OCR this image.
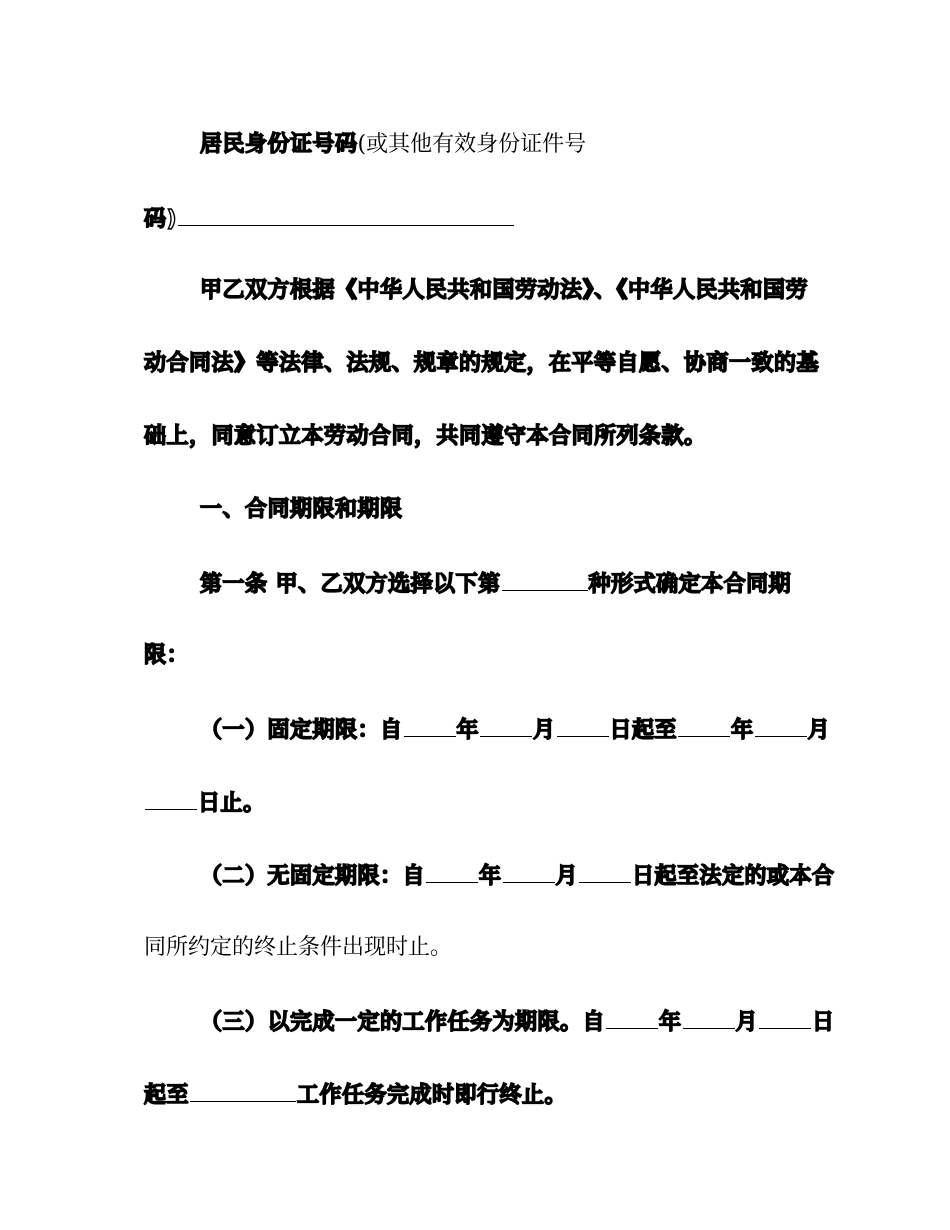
居民身份证号码(或其他有效身份证件号
码)
甲乙双方根据《中华人民共和国劳动法》、《中华人民共和国劳
动合同法》等法律、法规、规章的规定，在平等自愿、协商一致的基
础上，同意订立本劳动合同，共同遵守本合同所列条款。
一、合同期限和期限
第一条 甲、乙双方选择以下第	种形式确定本合同期
限：
（一）固定期限：自 年 月 日起至 年 月
日止。
（二）无固定期限：自 年 月 日起至法定的或本合
同所约定的终止条件出现时止。
（三）以完成一定的工作任务为期限。自 年 月 日
起至	工作任务完成时即行终止。
